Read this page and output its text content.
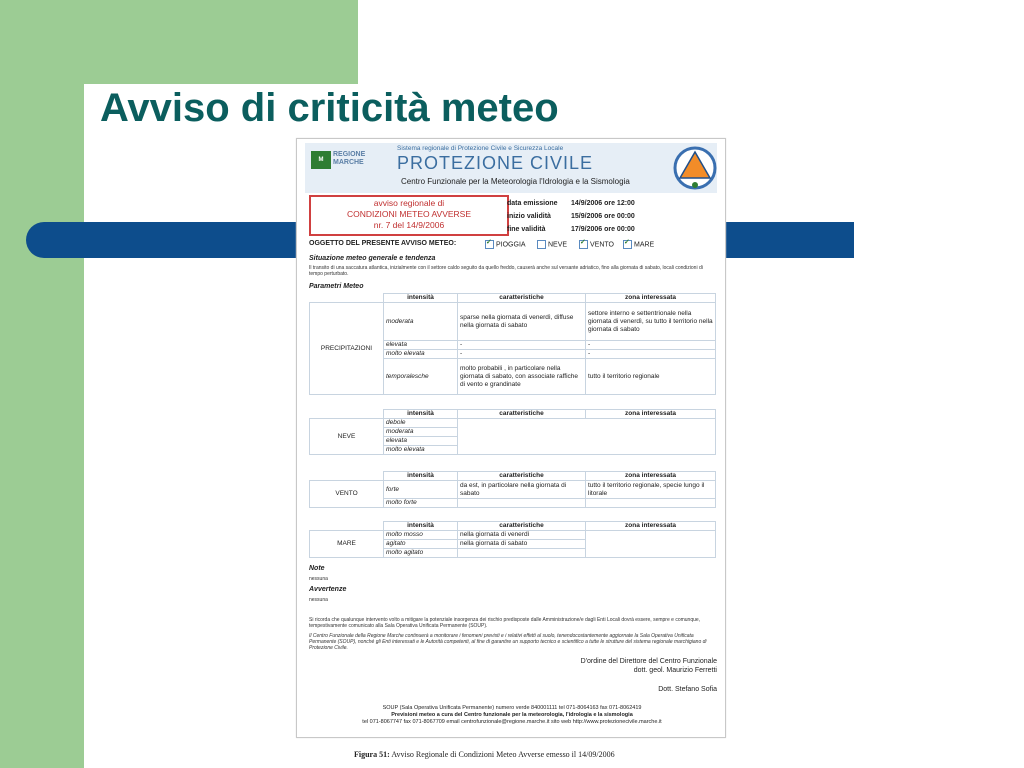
Avviso di criticità meteo
M
REGIONE
MARCHE
Sistema regionale di Protezione Civile e Sicurezza Locale
PROTEZIONE CIVILE
Centro Funzionale per la Meteorologia l'Idrologia e la Sismologia
avviso regionale di
CONDIZIONI METEO AVVERSE
nr. 7 del 14/9/2006
data emissione 14/9/2006 ore 12:00
inizio validità	15/9/2006 ore 00:00
fine validità	17/9/2006 ore 00:00
OGGETTO DEL PRESENTE AVVISO METEO: ✓	PIOGGIA	NEVE ✓	VENTO ✓	MARE
Situazione meteo generale e tendenza
Il transito di una saccatura atlantica, inizialmente con il settore caldo seguito da quello freddo, causerà anche sul versante adriatico, fino alla giornata di sabato, locali condizioni di tempo perturbato.
Parametri Meteo
	intensità	caratteristiche	zona interessata
PRECIPITAZIONI	moderata	sparse nella giornata di venerdì, diffuse nella giornata di sabato	settore interno e settentrionale nella giornata di venerdì, su tutto il territorio nella giornata di sabato
	elevata	-	-
	molto elevata	-	-
	temporalesche	molto probabili , in particolare nella giornata di sabato, con associate raffiche di vento e grandinate	tutto il territorio regionale
	intensità	caratteristiche	zona interessata
NEVE	debole		
	moderata		
	elevata		
	molto elevata		
	intensità	caratteristiche	zona interessata
VENTO	forte	da est, in particolare nella giornata di sabato	tutto il territorio regionale, specie lungo il litorale
	molto forte		
	intensità	caratteristiche	zona interessata
MARE	molto mosso	nella giornata di venerdì	
	agitato	nella giornata di sabato	
	molto agitato		
Note
nessuna
Avvertenze
nessuna
Si ricorda che qualunque intervento volto a mitigare la potenziale insorgenza dei rischio predisposte dalle Amministrazione/e dagli Enti Locali dovrà essere, sempre e comunque, tempestivamente comunicato alla Sala Operativa Unificata Permanente (SOUP).
Il Centro Funzionale della Regione Marche continuerà a monitorare i fenomeni previsti e i relativi effetti al suolo, tenendocostantemente aggiornate la Sala Operativa Unificata Permanente (SOUP), nonché gli Enti interessati e le Autorità competenti, al fine di garantire un supporto tecnico e scientifico a tutte le strutture del sistema regionale marchigiano di Protezione Civile.
D'ordine del Direttore del Centro Funzionale
dott. geol. Maurizio Ferretti
Dott. Stefano Sofia
SOUP (Sala Operativa Unificata Permanente) numero verde 840001111 tel 071-8064163 fax 071-8062419
Previsioni meteo a cura del Centro funzionale per la meteorologia, l'idrologia e la sismologia
tel 071-8067747 fax 071-8067709 email centrofunzionale@regione.marche.it sito web http://www.protezionecivile.marche.it
Figura 51: Avviso Regionale di Condizioni Meteo Avverse emesso il 14/09/2006
